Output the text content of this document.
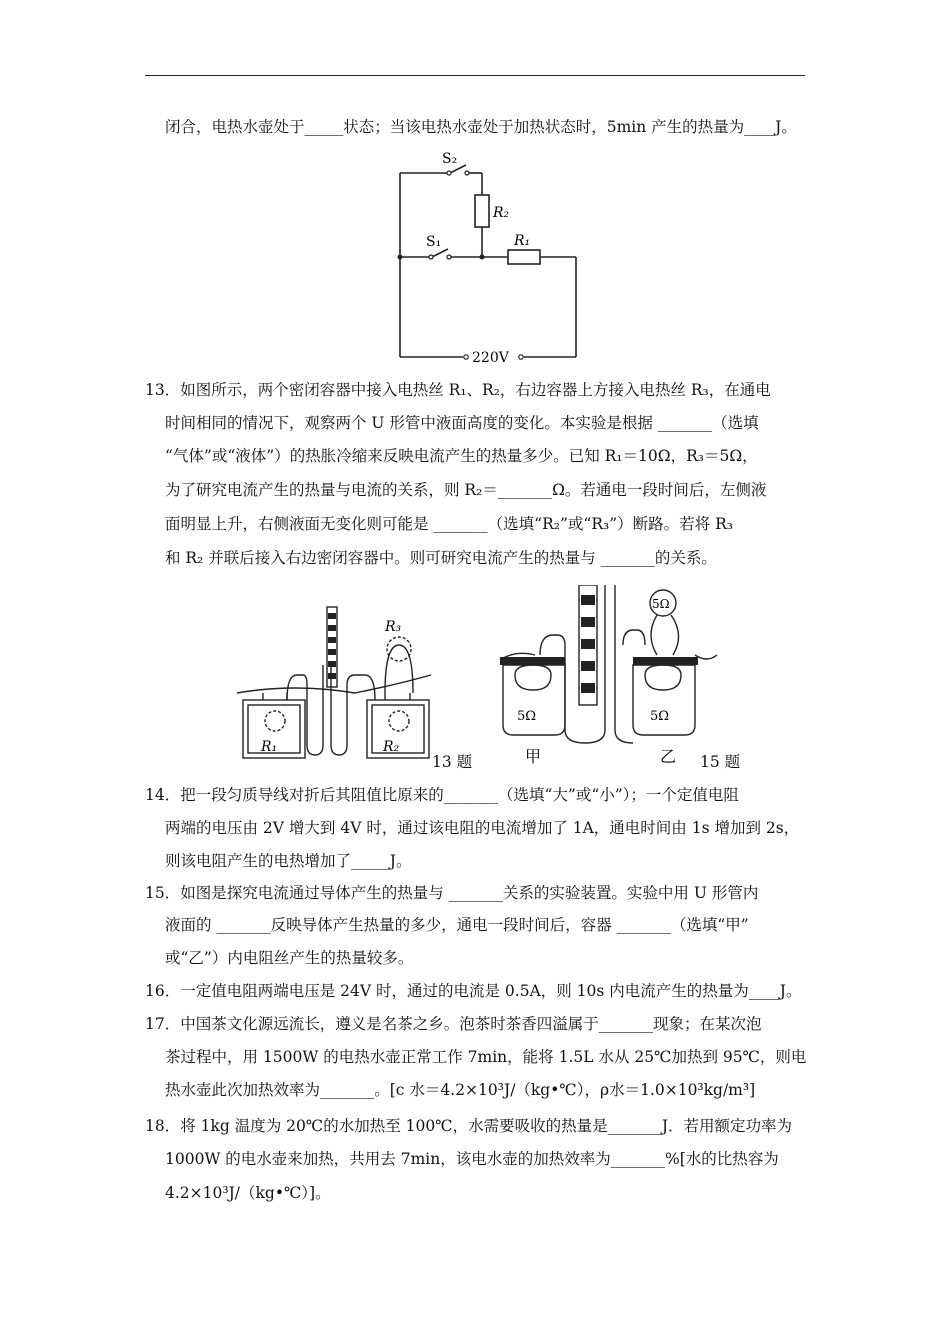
闭合，电热水壶处于_____状态；当该电热水壶处于加热状态时，5min 产生的热量为____J。
S₂
R₂
S₁	R₁
220V
13．如图所示，两个密闭容器中接入电热丝 R₁、R₂，右边容器上方接入电热丝 R₃，在通电
时间相同的情况下，观察两个 U 形管中液面高度的变化。本实验是根据 _______（选填
“气体”或“液体”）的热胀冷缩来反映电流产生的热量多少。已知 R₁＝10Ω，R₃＝5Ω，
为了研究电流产生的热量与电流的关系，则 R₂＝_______Ω。若通电一段时间后，左侧液
面明显上升，右侧液面无变化则可能是 _______（选填“R₂”或“R₃”）断路。若将 R₃
和 R₂ 并联后接入右边密闭容器中。则可研究电流产生的热量与 _______的关系。
R₁	R₂
R₃
13 题
5Ω	5Ω
5Ω
甲	乙 15 题
14．把一段匀质导线对折后其阻值比原来的_______（选填“大”或“小”）；一个定值电阻
两端的电压由 2V 增大到 4V 时，通过该电阻的电流增加了 1A，通电时间由 1s 增加到 2s，
则该电阻产生的电热增加了_____J。
15．如图是探究电流通过导体产生的热量与 _______关系的实验装置。实验中用 U 形管内
液面的 _______反映导体产生热量的多少，通电一段时间后，容器 _______（选填“甲”
或“乙”）内电阻丝产生的热量较多。
16．一定值电阻两端电压是 24V 时，通过的电流是 0.5A，则 10s 内电流产生的热量为____J。
17．中国茶文化源远流长，遵义是名茶之乡。泡茶时茶香四溢属于_______现象；在某次泡
茶过程中，用 1500W 的电热水壶正常工作 7min，能将 1.5L 水从 25℃加热到 95℃，则电
热水壶此次加热效率为_______。[c 水＝4.2×10³J/（kg•℃），ρ水＝1.0×10³kg/m³]
18．将 1kg 温度为 20℃的水加热至 100℃，水需要吸收的热量是_______J．若用额定功率为
1000W 的电水壶来加热，共用去 7min，该电水壶的加热效率为_______%[水的比热容为
4.2×10³J/（kg•℃）]。
